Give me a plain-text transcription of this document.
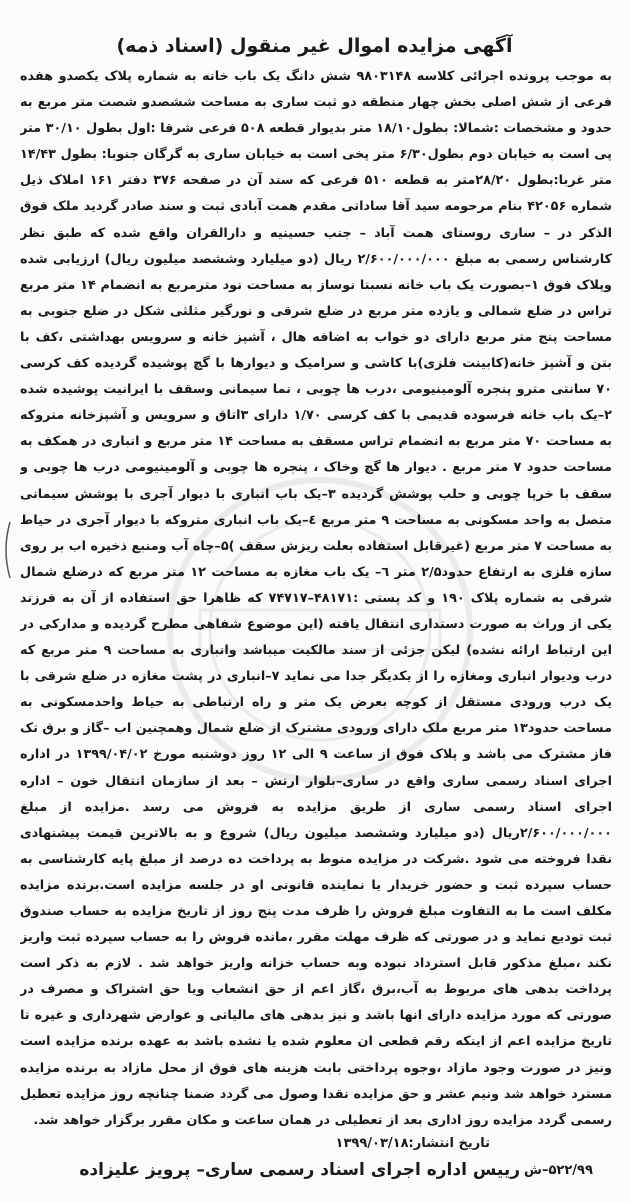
آگهی مزایده اموال غیر منقول (اسناد ذمه)

به موجب پرونده اجرائی کلاسه ۹۸۰۳۱۴۸ شش دانگ یک باب خانه به شماره پلاک یکصدو هفده فرعی از شش اصلی بخش چهار منطقه دو ثبت ساری به مساحت ششصدو شصت متر مربع به حدود و مشخصات :شمالا: بطول۱۸/۱۰ متر بدیوار قطعه ۵۰۸ فرعی شرقا :اول بطول ۳۰/۱۰ متر پی است به خیابان دوم بطول۶/۳۰ متر پخی است به خیابان ساری به گرگان جنوبا: بطول ۱۴/۴۳ متر غربا:بطول ۲۸/۲۰متر به قطعه ۵۱۰ فرعی که سند آن در صفحه ۳۷۶ دفتر ۱۶۱ املاک ذیل شماره ۴۲۰۵۶ بنام مرحومه سید آقا ساداتی مقدم همت آبادی ثبت و سند صادر گردید ملک فوق الذکر در – ساری روستای همت آباد – جنب حسینیه و دارالقران واقع شده که طبق نظر کارشناس رسمی به مبلغ ۲/۶۰۰/۰۰۰/۰۰۰ ریال (دو میلیارد وششصد میلیون ریال) ارزیابی شده وپلاک فوق ۱–بصورت یک باب خانه نسبتا نوساز به مساحت نود مترمربع به انضمام ۱۴ متر مربع تراس در ضلع شمالی و یازده متر مربع در ضلع شرقی و نورگیر مثلثی شکل در ضلع جنوبی به مساحت پنج متر مربع دارای دو خواب به اضافه هال ، آشپز خانه و سرویس بهداشتی ،کف با بتن و آشپز خانه(کابینت فلزی)با کاشی و سرامیک و دیوارها با گچ پوشیده گردیده کف کرسی ۷۰ سانتی مترو پنجره آلومینیومی ،درب ها چوبی ، نما سیمانی وسقف با ایرانیت پوشیده شده ۲–یک باب خانه فرسوده قدیمی با کف کرسی ۱/۷۰ دارای ۳اتاق و سرویس و آشپزخانه متروکه به مساحت ۷۰ متر مربع به انضمام تراس مسقف به مساحت ۱۴ متر مربع و انباری در همکف به مساحت حدود ۷ متر مربع . دیوار ها گچ وخاک ، پنجره ها چوبی و آلومینیومی درب ها چوبی و سقف با خرپا چوبی و حلب پوشش گردیده ۳–یک باب انباری با دیوار آجری با پوشش سیمانی متصل به واحد مسکونی به مساحت ۹ متر مربع ٤–یک باب انباری متروکه با دیوار آجری در حیاط به مساحت ۷ متر مربع (غیرقابل استفاده بعلت ریزش سقف )۵–چاه آب ومنبع ذخیره اب بر روی سازه فلزی به ارتفاع حدود۲/۵ متر ٦– یک باب مغازه به مساحت ۱۲ متر مربع که درضلع شمال شرقی به شماره پلاک ۱۹۰ و کد پستی :۴۸۱۷۱–۷۴۷۱۷ که ظاهرا حق استفاده از آن به فرزند یکی از وراث به صورت دستداری انتقال یافته (این موضوع شفاهی مطرح گردیده و مدارکی در این ارتباط ارائه نشده) لیکن جزئی از سند مالکیت میباشد وانباری به مساحت ۹ متر مربع که درب ودیوار انباری ومغازه را از یکدیگر جدا می نماید ۷–انباری در پشت مغازه در ضلع شرقی با یک درب ورودی مستقل از کوچه بعرض یک متر و راه ارتباطی به حیاط واحدمسکونی به مساحت حدود۱۳ متر مربع ملک دارای ورودی مشترک از ضلع شمال وهمچنین اب –گاز و برق تک فاز مشترک می باشد و پلاک فوق از ساعت ۹ الی ۱۲ روز دوشنبه مورخ ۱۳۹۹/۰۴/۰۲ در اداره اجرای اسناد رسمی ساری واقع در ساری–بلوار ارتش – بعد از سازمان انتقال خون – اداره اجرای اسناد رسمی ساری از طریق مزایده به فروش می رسد .مزایده از مبلغ ۲/۶۰۰/۰۰۰/۰۰۰ریال (دو میلیارد وششصد میلیون ریال) شروع و به بالاترین قیمت پیشنهادی نقدا فروخته می شود .شرکت در مزایده منوط به پرداخت ده درصد از مبلغ پایه کارشناسی به حساب سپرده ثبت و حضور خریدار یا نماینده قانونی او در جلسه مزایده است.برنده مزایده مکلف است ما به التفاوت مبلغ فروش را ظرف مدت پنج روز از تاریخ مزایده به حساب صندوق ثبت تودیع نماید و در صورتی که ظرف مهلت مقرر ،مانده فروش را به حساب سپرده ثبت واریز نکند ،مبلغ مذکور قابل استرداد نبوده وبه حساب خزانه واریز خواهد شد . لازم به ذکر است پرداخت بدهی های مربوط به آب،برق ،گاز اعم از حق انشعاب ویا حق اشتراک و مصرف در صورتی که مورد مزایده دارای انها باشد و نیز بدهی های مالیاتی و عوارض شهرداری و غیره تا تاریخ مزایده اعم از اینکه رقم قطعی ان معلوم شده یا نشده باشد به عهده برنده مزایده است ونیز در صورت وجود مازاد ،وجوه پرداختی بابت هزینه های فوق از محل مازاد به برنده مزایده مسترد خواهد شد ونیم عشر و حق مزایده نقدا وصول می گردد ضمنا چنانچه روز مزایده تعطیل رسمی گردد مزایده روز اداری بعد از تعطیلی در همان ساعت و مکان مقرر برگزار خواهد شد.

تاریخ انتشار:۱۳۹۹/۰۳/۱۸
رییس اداره اجرای اسناد رسمی ساری– پرویز علیزاده ۵۲۲/۹۹–ش
